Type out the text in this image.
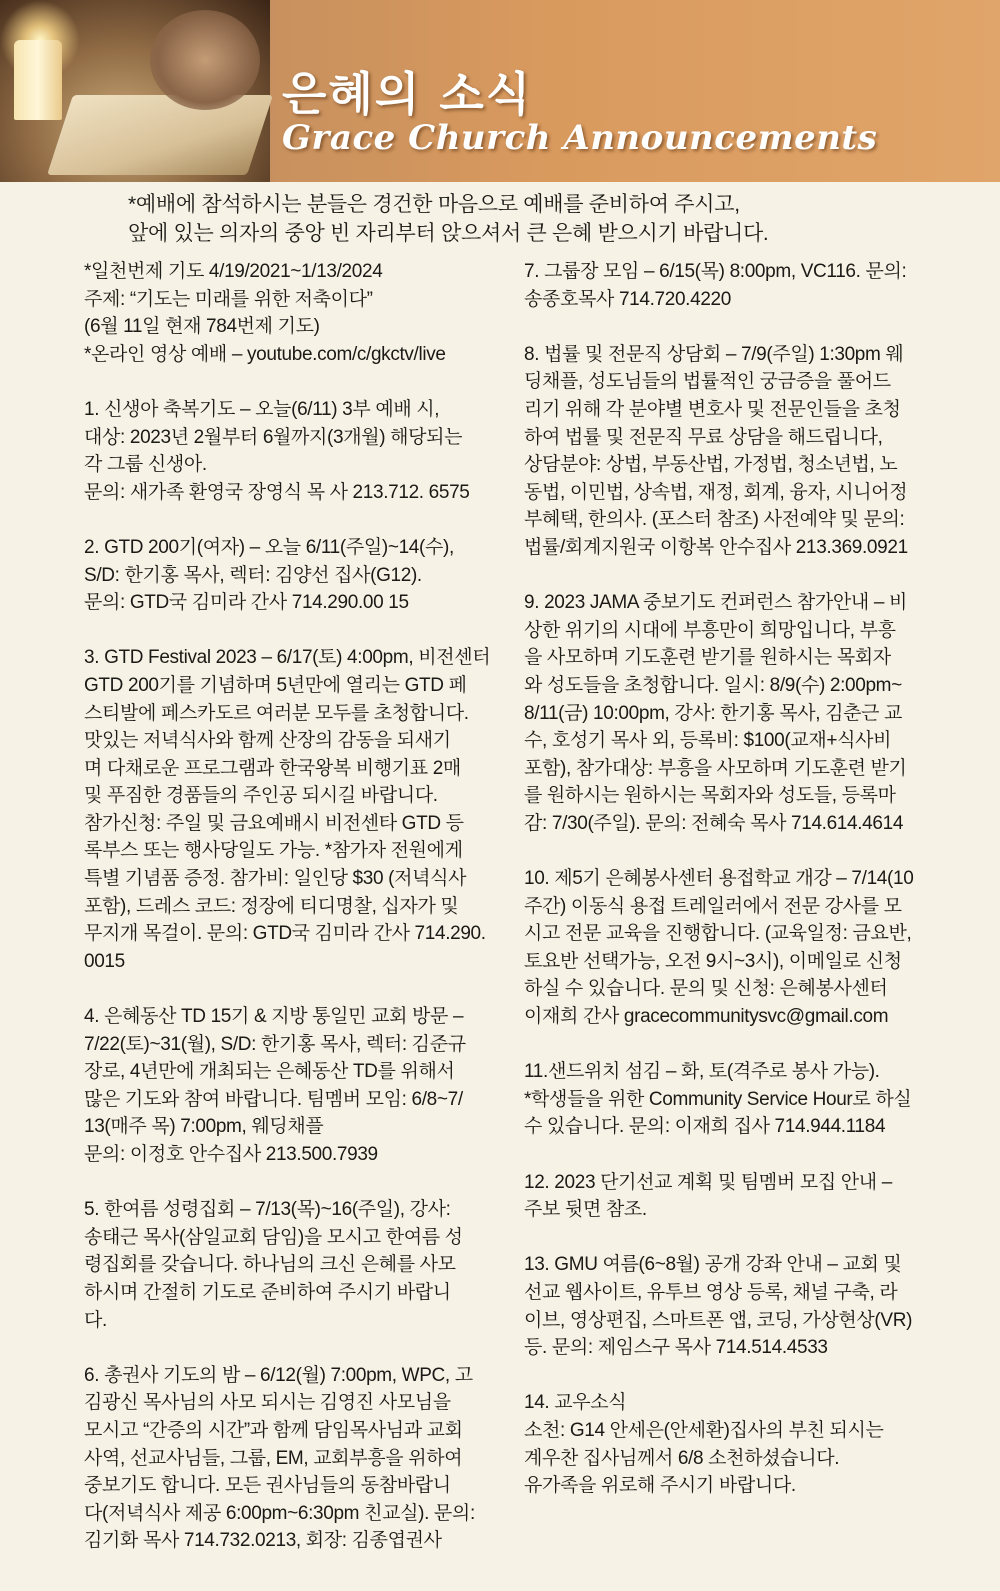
은혜의 소식
Grace Church Announcements

*예배에 참석하시는 분들은 경건한 마음으로 예배를 준비하여 주시고,

앞에 있는 의자의 중앙 빈 자리부터 앉으셔서 큰 은혜 받으시기 바랍니다.

*일천번제 기도 4/19/2021~1/13/2024
주제: “기도는 미래를 위한 저축이다”
(6월 11일 현재 784번제 기도)
*온라인 영상 예배 – youtube.com/c/gkctv/live
1. 신생아 축복기도 – 오늘(6/11) 3부 예배 시,
대상: 2023년 2월부터 6월까지(3개월) 해당되는
각 그룹 신생아.
문의: 새가족 환영국 장영식 목 사 213.712. 6575
2. GTD 200기(여자) – 오늘 6/11(주일)~14(수),
S/D: 한기홍 목사, 렉터: 김양선 집사(G12).
문의: GTD국 김미라 간사 714.290.00 15
3. GTD Festival 2023 – 6/17(토) 4:00pm, 비전센터
GTD 200기를 기념하며 5년만에 열리는 GTD 페
스티발에 페스카도르 여러분 모두를 초청합니다.
맛있는 저녁식사와 함께 산장의 감동을 되새기
며 다채로운 프로그램과 한국왕복 비행기표 2매
및 푸짐한 경품들의 주인공 되시길 바랍니다.
참가신청: 주일 및 금요예배시 비전센타 GTD 등
록부스 또는 행사당일도 가능. *참가자 전원에게
특별 기념품 증정. 참가비: 일인당 $30 (저녁식사
포함), 드레스 코드: 정장에 티디명찰, 십자가 및
무지개 목걸이. 문의: GTD국 김미라 간사 714.290.
0015
4. 은혜동산 TD 15기 & 지방 통일민 교회 방문 –
7/22(토)~31(월), S/D: 한기홍 목사, 렉터: 김준규
장로, 4년만에 개최되는 은혜동산 TD를 위해서
많은 기도와 참여 바랍니다. 팀멤버 모임: 6/8~7/
13(매주 목) 7:00pm, 웨딩채플
문의: 이정호 안수집사 213.500.7939
5. 한여름 성령집회 – 7/13(목)~16(주일), 강사:
송태근 목사(삼일교회 담임)을 모시고 한여름 성
령집회를 갖습니다. 하나님의 크신 은혜를 사모
하시며 간절히 기도로 준비하여 주시기 바랍니
다.
6. 총권사 기도의 밤 – 6/12(월) 7:00pm, WPC, 고
김광신 목사님의 사모 되시는 김영진 사모님을
모시고 “간증의 시간”과 함께 담임목사님과 교회
사역, 선교사님들, 그룹, EM, 교회부흥을 위하여
중보기도 합니다. 모든 권사님들의 동참바랍니
다(저녁식사 제공 6:00pm~6:30pm 친교실). 문의:
김기화 목사 714.732.0213, 회장: 김종엽권사
7. 그룹장 모임 – 6/15(목) 8:00pm, VC116. 문의:
송종호목사 714.720.4220
8. 법률 및 전문직 상담회 – 7/9(주일) 1:30pm 웨
딩채플, 성도님들의 법률적인 궁금증을 풀어드
리기 위해 각 분야별 변호사 및 전문인들을 초청
하여 법률 및 전문직 무료 상담을 해드립니다,
상담분야: 상법, 부동산법, 가정법, 청소년법, 노
동법, 이민법, 상속법, 재정, 회계, 융자, 시니어정
부혜택, 한의사. (포스터 참조) 사전예약 및 문의:
법률/회계지원국 이항복 안수집사 213.369.0921
9. 2023 JAMA 중보기도 컨퍼런스 참가안내 – 비
상한 위기의 시대에 부흥만이 희망입니다, 부흥
을 사모하며 기도훈련 받기를 원하시는 목회자
와 성도들을 초청합니다. 일시: 8/9(수) 2:00pm~
8/11(금) 10:00pm, 강사: 한기홍 목사, 김춘근 교
수, 호성기 목사 외, 등록비: $100(교재+식사비
포함), 참가대상: 부흥을 사모하며 기도훈련 받기
를 원하시는 원하시는 목회자와 성도들, 등록마
감: 7/30(주일). 문의: 전혜숙 목사 714.614.4614
10. 제5기 은혜봉사센터 용접학교 개강 – 7/14(10
주간) 이동식 용접 트레일러에서 전문 강사를 모
시고 전문 교육을 진행합니다. (교육일정: 금요반,
토요반 선택가능, 오전 9시~3시), 이메일로 신청
하실 수 있습니다. 문의 및 신청: 은혜봉사센터
이재희 간사 gracecommunitysvc@gmail.com
11.샌드위치 섬김 – 화, 토(격주로 봉사 가능).
*학생들을 위한 Community Service Hour로 하실
수 있습니다. 문의: 이재희 집사 714.944.1184
12. 2023 단기선교 계획 및 팀멤버 모집 안내 –
주보 뒷면 참조.
13. GMU 여름(6~8월) 공개 강좌 안내 – 교회 및
선교 웹사이트, 유투브 영상 등록, 채널 구축, 라
이브, 영상편집, 스마트폰 앱, 코딩, 가상현상(VR)
등. 문의: 제임스구 목사 714.514.4533
14. 교우소식
소천: G14 안세은(안세환)집사의 부친 되시는
계우찬 집사님께서 6/8 소천하셨습니다.
유가족을 위로해 주시기 바랍니다.
